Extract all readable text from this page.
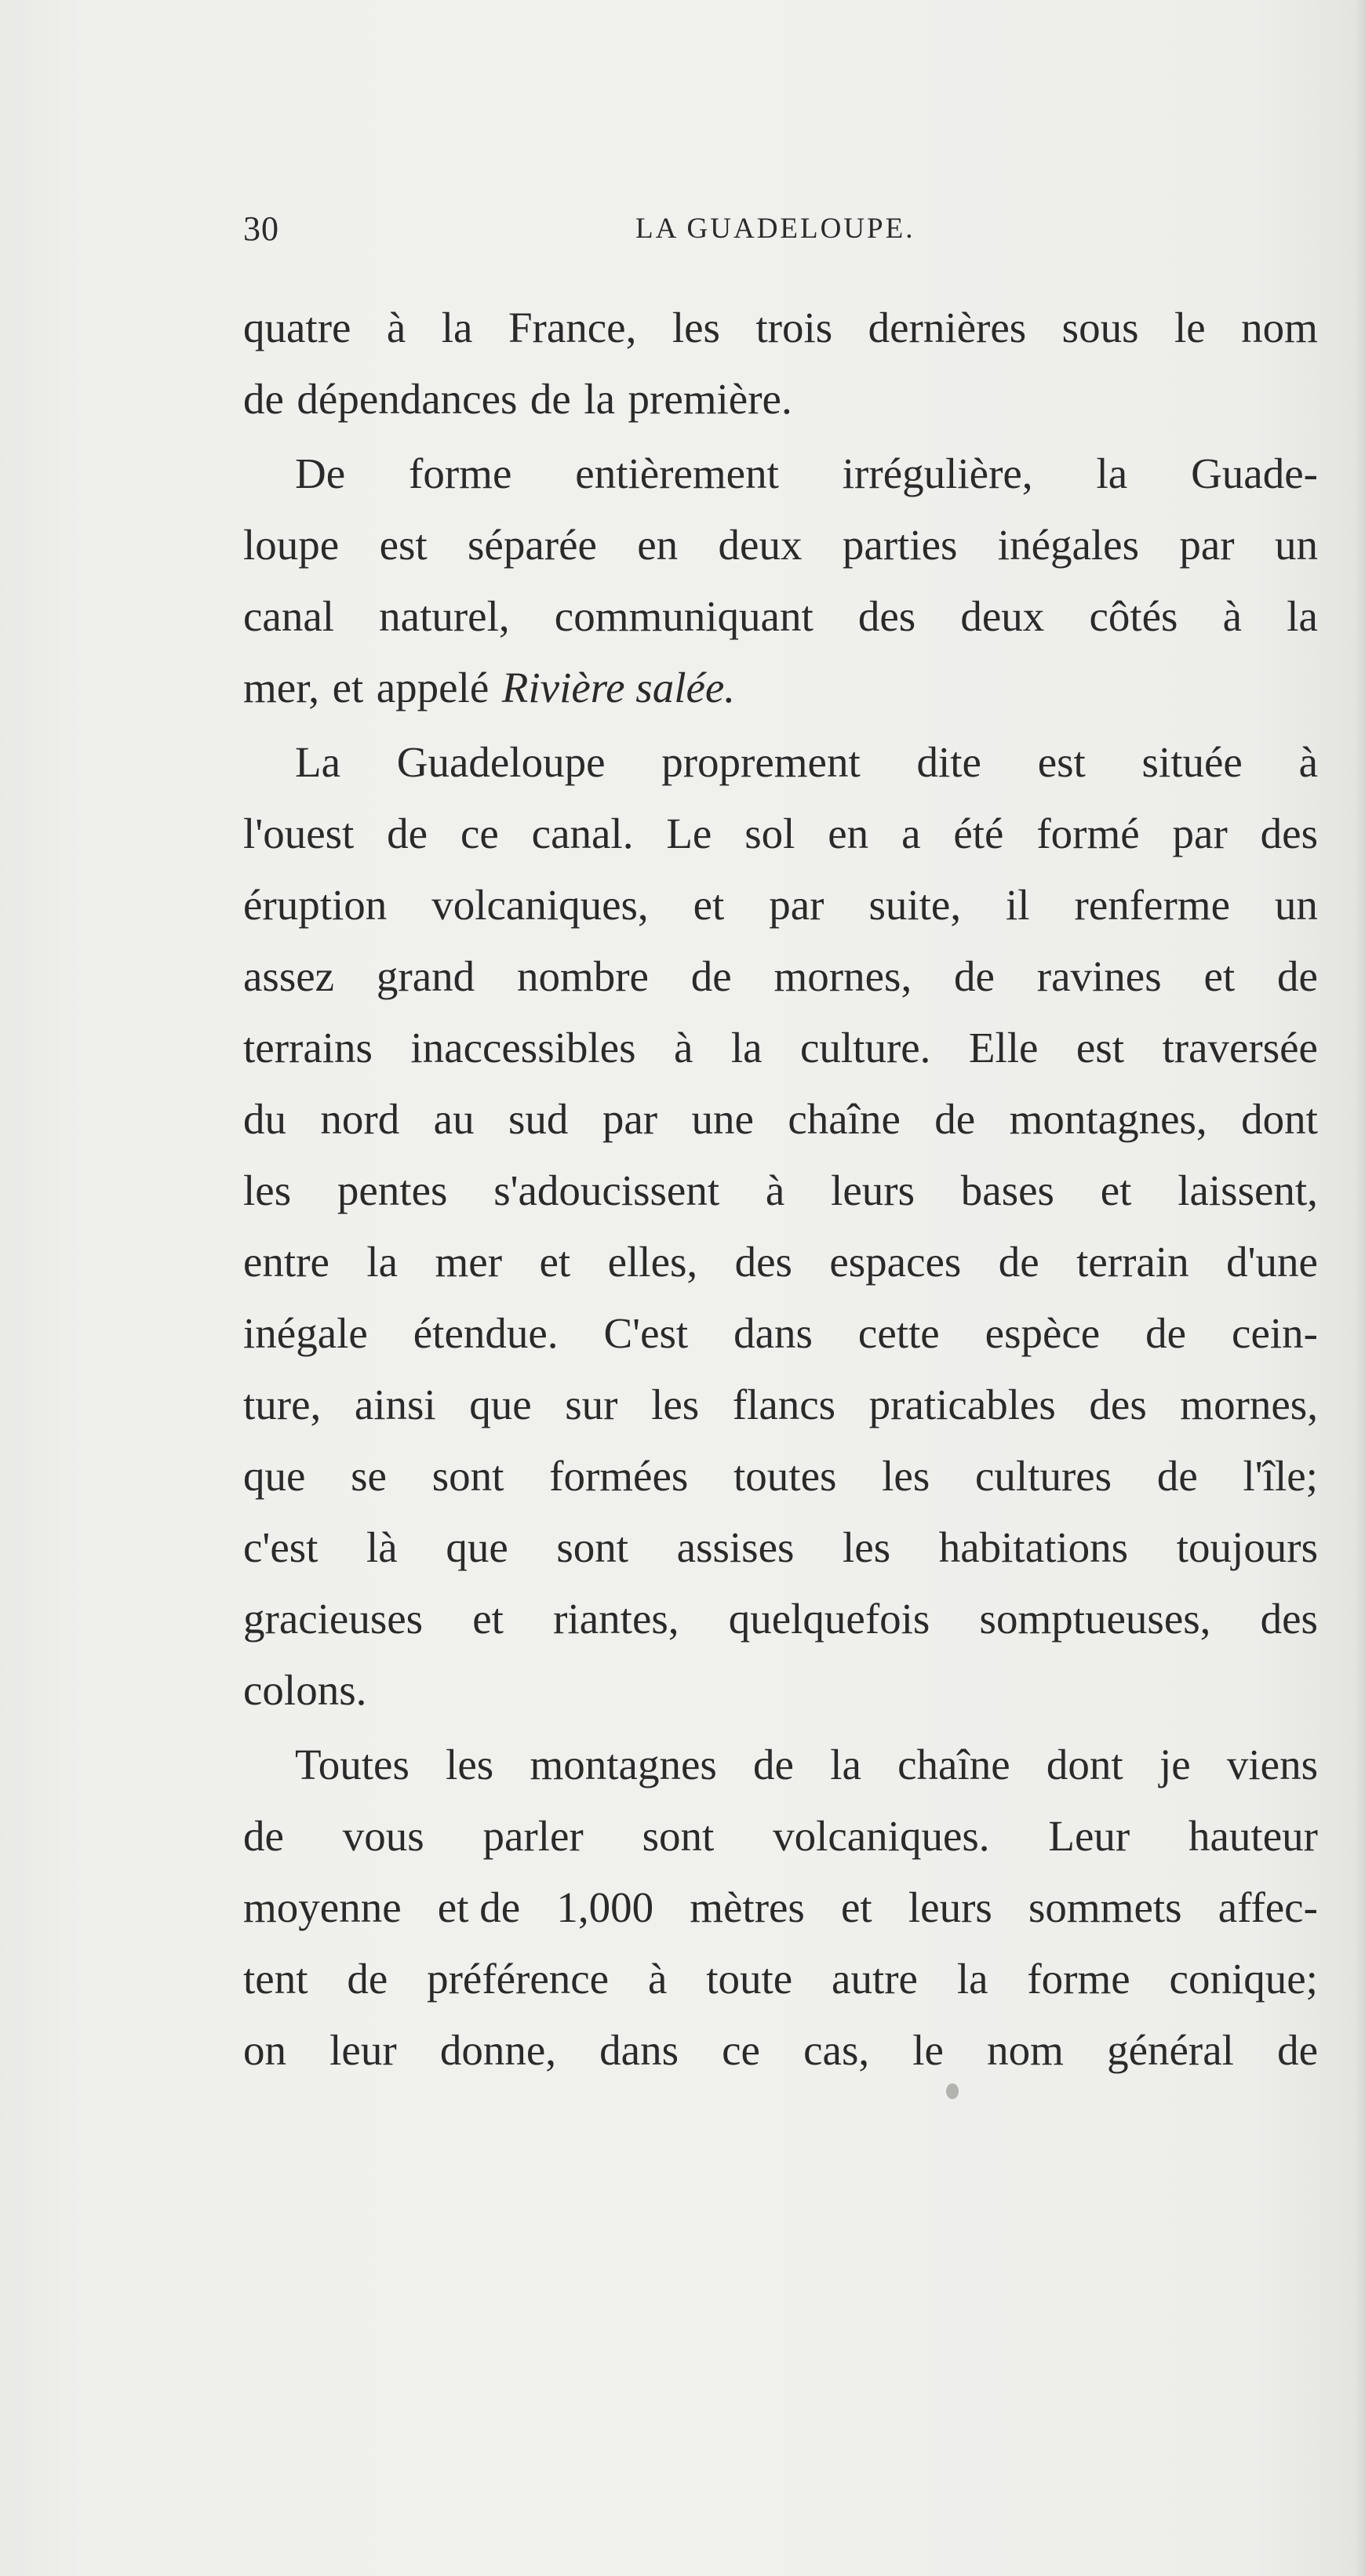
30	LA GUADELOUPE.
quatre à la France, les trois dernières sous le nom
de dépendances de la première.
De forme entièrement irrégulière, la Guade-
loupe est séparée en deux parties inégales par un
canal naturel, communiquant des deux côtés à la
mer, et appelé Rivière salée.
La Guadeloupe proprement dite est située à
l'ouest de ce canal. Le sol en a été formé par des
éruption volcaniques, et par suite, il renferme un
assez grand nombre de mornes, de ravines et de
terrains inaccessibles à la culture. Elle est traversée
du nord au sud par une chaîne de montagnes, dont
les pentes s'adoucissent à leurs bases et laissent,
entre la mer et elles, des espaces de terrain d'une
inégale étendue. C'est dans cette espèce de cein-
ture, ainsi que sur les flancs praticables des mornes,
que se sont formées toutes les cultures de l'île;
c'est là que sont assises les habitations toujours
gracieuses et riantes, quelquefois somptueuses, des
colons.
Toutes les montagnes de la chaîne dont je viens
de vous parler sont volcaniques. Leur hauteur
moyenne et de 1,000 mètres et leurs sommets affec-
tent de préférence à toute autre la forme conique;
on leur donne, dans ce cas, le nom général de
